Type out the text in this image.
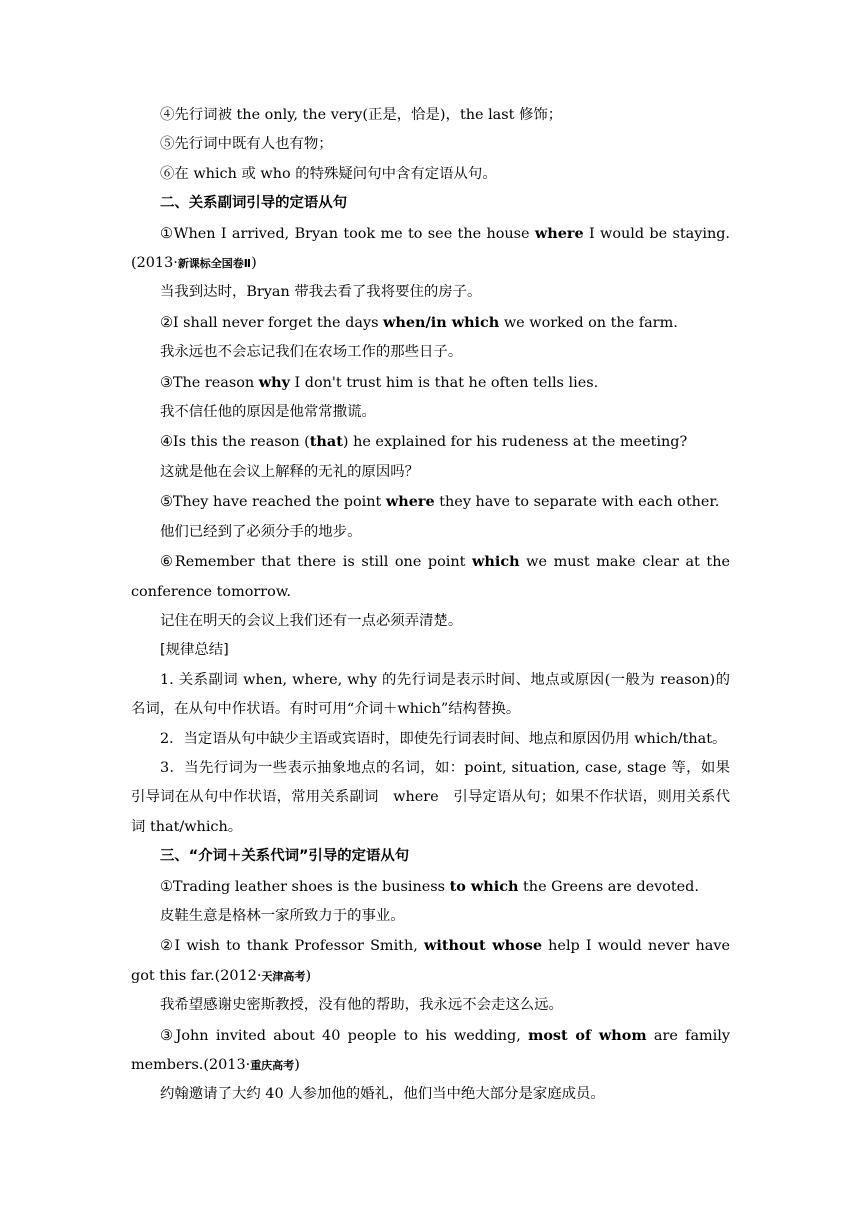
④先行词被 the only, the very(正是，恰是)，the last 修饰；

⑤先行词中既有人也有物；

⑥在 which 或 who 的特殊疑问句中含有定语从句。

二、关系副词引导的定语从句

①When I arrived, Bryan took me to see the house where I would be staying.(2013·新课标全国卷Ⅱ)

当我到达时，Bryan 带我去看了我将要住的房子。

②I shall never forget the days when/in which we worked on the farm.

我永远也不会忘记我们在农场工作的那些日子。

③The reason why I don't trust him is that he often tells lies.

我不信任他的原因是他常常撒谎。

④Is this the reason (that) he explained for his rudeness at the meeting?

这就是他在会议上解释的无礼的原因吗？

⑤They have reached the point where they have to separate with each other.

他们已经到了必须分手的地步。

⑥Remember that there is still one point which we must make clear at the conference tomorrow.

记住在明天的会议上我们还有一点必须弄清楚。

[规律总结]

1. 关系副词 when, where, why 的先行词是表示时间、地点或原因(一般为 reason)的名词，在从句中作状语。有时可用“介词＋which”结构替换。

2．当定语从句中缺少主语或宾语时，即使先行词表时间、地点和原因仍用 which/that。

3．当先行词为一些表示抽象地点的名词，如：point, situation, case, stage 等，如果引导词在从句中作状语，常用关系副词　where　引导定语从句；如果不作状语，则用关系代词 that/which。

三、“介词＋关系代词”引导的定语从句

①Trading leather shoes is the business to which the Greens are devoted.

皮鞋生意是格林一家所致力于的事业。

②I wish to thank Professor Smith, without whose help I would never have got this far.(2012·天津高考)

我希望感谢史密斯教授，没有他的帮助，我永远不会走这么远。

③John invited about 40 people to his wedding, most of whom are family members.(2013·重庆高考)

约翰邀请了大约 40 人参加他的婚礼，他们当中绝大部分是家庭成员。
